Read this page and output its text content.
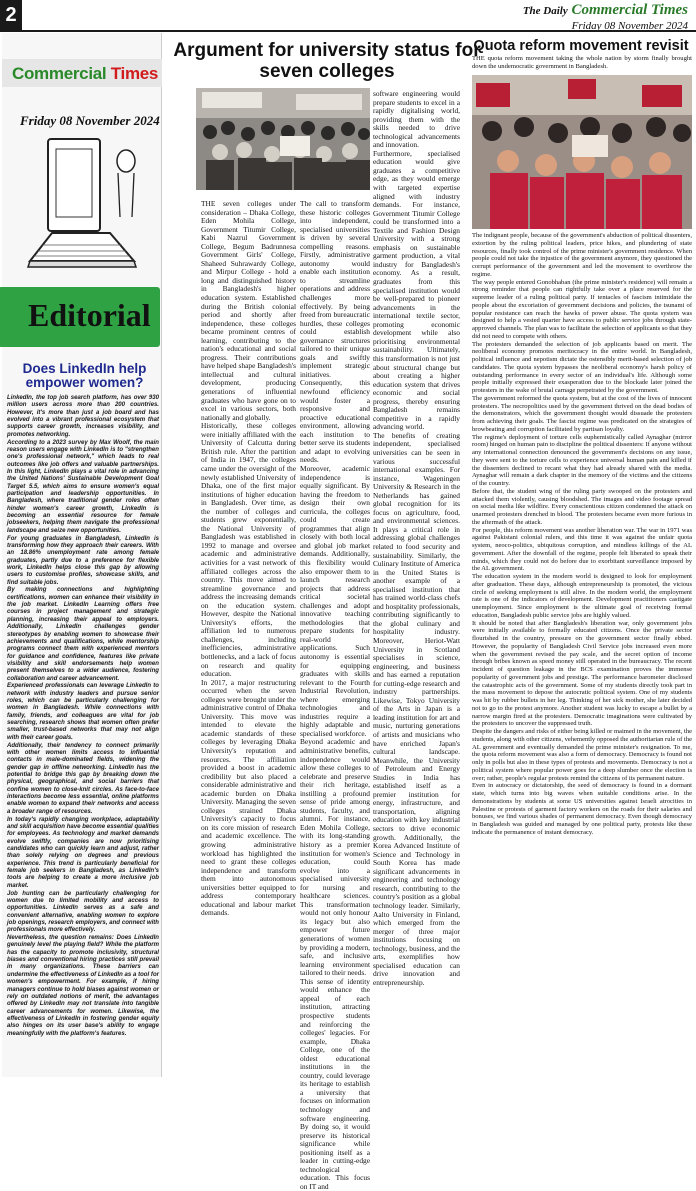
2	The Daily Commercial Times
Friday 08 November 2024
Commercial Times
Friday 08 November 2024
Editorial
Does LinkedIn help empower women?

LinkedIn, the top job search platform, has over 930 million users across more than 200 countries. However, it's more than just a job board and has evolved into a vibrant professional ecosystem that supports career growth, increases visibility, and promotes networking.

According to a 2023 survey by Max Woolf, the main reason users engage with LinkedIn is to "strengthen one's professional network," which leads to real outcomes like job offers and valuable partnerships. In this light, LinkedIn plays a vital role in advancing the United Nations' Sustainable Development Goal Target 5.5, which aims to ensure women's equal participation and leadership opportunities. In Bangladesh, where traditional gender roles often hinder women's career growth, LinkedIn is becoming an essential resource for female jobseekers, helping them navigate the professional landscape and seize new opportunities.

For young graduates in Bangladesh, LinkedIn is transforming how they approach their careers. With an 18.86% unemployment rate among female graduates, partly due to a preference for flexible work, LinkedIn helps close this gap by allowing users to customise profiles, showcase skills, and find suitable jobs.

By making connections and highlighting certifications, women can enhance their visibility in the job market. LinkedIn Learning offers free courses in project management and strategic planning, increasing their appeal to employers. Additionally, LinkedIn challenges gender stereotypes by enabling women to showcase their achievements and qualifications, while mentorship programs connect them with experienced mentors for guidance and confidence, features like private visibility and skill endorsements help women present themselves to a wider audience, fostering collaboration and career advancement.

Experienced professionals can leverage LinkedIn to network with industry leaders and pursue senior roles, which can be particularly challenging for women in Bangladesh. While connections with family, friends, and colleagues are vital for job searching, research shows that women often prefer smaller, trust-based networks that may not align with their career goals.

Additionally, their tendency to connect primarily with other women limits access to influential contacts in male-dominated fields, widening the gender gap in offline networking. LinkedIn has the potential to bridge this gap by breaking down the physical, geographical, and social barriers that confine women to close-knit circles. As face-to-face interactions become less essential, online platforms enable women to expand their networks and access a broader range of resources.

In today's rapidly changing workplace, adaptability and skill acquisition have become essential qualities for employees. As technology and market demands evolve swiftly, companies are now prioritising candidates who can quickly learn and adjust, rather than solely relying on degrees and previous experience. This trend is particularly beneficial for female job seekers in Bangladesh, as LinkedIn's tools are helping to create a more inclusive job market.

Job hunting can be particularly challenging for women due to limited mobility and access to opportunities. LinkedIn serves as a safe and convenient alternative, enabling women to explore job openings, research employers, and connect with professionals more effectively.

Nevertheless, the question remains: Does LinkedIn genuinely level the playing field? While the platform has the capacity to promote inclusivity, structural biases and conventional hiring practices still prevail in many organizations. These barriers can undermine the effectiveness of LinkedIn as a tool for women's empowerment. For example, if hiring managers continue to hold biases against women or rely on outdated notions of merit, the advantages offered by LinkedIn may not translate into tangible career advancements for women. Likewise, the effectiveness of LinkedIn in fostering gender equity also hinges on its user base's ability to engage meaningfully with the platform's features.

Argument for university status for seven colleges

THE seven colleges under consideration – Dhaka College, Eden Mohila College, Government Titumir College, Kabi Nazrul Government College, Begum Badrunnesa Government Girls' College, Shaheed Suhrawardy College, and Mirpur College - hold a long and distinguished history in Bangladesh's higher education system. Established during the British colonial period and shortly after independence, these colleges became prominent centres of learning, contributing to the nation's educational and social progress. Their contributions have helped shape Bangladesh's intellectual and cultural development, producing generations of influential graduates who have gone on to excel in various sectors, both nationally and globally.

Historically, these colleges were initially affiliated with the University of Calcutta during British rule. After the partition of India in 1947, the colleges came under the oversight of the newly established University of Dhaka, one of the first major institutions of higher education in Bangladesh. Over time, as the number of colleges and students grew exponentially, the National University of Bangladesh was established in 1992 to manage and oversee academic and administrative activities for a vast network of affiliated colleges across the country. This move aimed to streamline governance and address the increasing demands on the education system. However, despite the National University's efforts, the affiliation led to numerous challenges, including inefficiencies, administrative bottlenecks, and a lack of focus on research and quality education.

In 2017, a major restructuring occurred when the seven colleges were brought under the administrative control of Dhaka University. This move was intended to elevate the academic standards of these colleges by leveraging Dhaka University's reputation and resources. The affiliation provided a boost in academic credibility but also placed a considerable administrative and academic burden on Dhaka University. Managing the seven colleges strained Dhaka University's capacity to focus on its core mission of research and academic excellence. The growing administrative workload has highlighted the need to grant these colleges independence and transform them into autonomous universities better equipped to address contemporary educational and labour market demands.

The call to transform these historic colleges into independent, specialised universities is driven by several compelling reasons. Firstly, administrative autonomy would enable each institution to streamline operations and address challenges more effectively. By being freed from bureaucratic hurdles, these colleges could establish governance structures tailored to their unique goals and swiftly implement strategic initiatives. Consequently, this newfound efficiency would foster a responsive and proactive educational environment, allowing each institution to better serve its students and adapt to evolving needs.

Moreover, academic independence is equally significant. By having the freedom to design their own curricula, the colleges could create programmes that align closely with both local and global job market demands. Additionally, this flexibility would also empower them to launch research projects that address critical societal challenges and adopt innovative teaching methodologies that prepare students for real-world applications. Such autonomy is essential for equipping graduates with skills relevant to the Fourth Industrial Revolution, where emerging technologies and industries require a highly adaptable and specialised workforce.

Beyond academic and administrative benefits, independence would allow these colleges to celebrate and preserve their rich heritage, instilling a profound sense of pride among students, faculty, and alumni. For instance, Eden Mohila College, with its long-standing history as a premier institution for women's education, could evolve into a specialised university for nursing and healthcare sciences. This transformation would not only honour its legacy but also empower future generations of women by providing a modern, safe, and inclusive learning environment tailored to their needs.

This sense of identity would enhance the appeal of each institution, attracting prospective students and reinforcing the colleges' legacies. For example, Dhaka College, one of the oldest educational institutions in the country, could leverage its heritage to establish a university that focuses on information technology and software engineering. By doing so, it would preserve its historical significance while positioning itself as a leader in cutting-edge technological education. This focus on IT and

software engineering would prepare students to excel in a rapidly digitalising world, providing them with the skills needed to drive technological advancements and innovation.

Furthermore, specialised education would give graduates a competitive edge, as they would emerge with targeted expertise aligned with industry demands. For instance, Government Titumir College could be transformed into a Textile and Fashion Design University with a strong emphasis on sustainable garment production, a vital industry for Bangladesh's economy. As a result, graduates from this specialised institution would be well-prepared to pioneer advancements in the international textile sector, promoting economic development while also prioritising environmental sustainability. Ultimately, this transformation is not just about structural change but about creating a higher education system that drives economic and social progress, thereby ensuring Bangladesh remains competitive in a rapidly advancing world.

The benefits of creating independent, specialised universities can be seen in various successful international examples. For instance, Wageningen University & Research in the Netherlands has gained global recognition for its focus on agriculture, food, and environmental sciences. It plays a critical role in addressing global challenges related to food security and sustainability. Similarly, the Culinary Institute of America in the United States is another example of a specialised institution that has trained world-class chefs and hospitality professionals, contributing significantly to the global culinary and hospitality industry. Moreover, Heriot-Watt University in Scotland specialises in science, engineering, and business and has earned a reputation for cutting-edge research and industry partnerships. Likewise, Tokyo University of the Arts in Japan is a leading institution for art and music, nurturing generations of artists and musicians who have enriched Japan's cultural landscape. Meanwhile, the University of Petroleum and Energy Studies in India has established itself as a premier institution for energy, infrastructure, and transportation, aligning education with key industrial sectors to drive economic growth. Additionally, the Korea Advanced Institute of Science and Technology in South Korea has made significant advancements in engineering and technology research, contributing to the country's position as a global technology leader. Similarly, Aalto University in Finland, which emerged from the merger of three major institutions focusing on technology, business, and the arts, exemplifies how specialised education can drive innovation and entrepreneurship.

Quota reform movement revisit
THE quota reform movement taking the whole nation by storm finally brought down the undemocratic government in Bangladesh.

The indignant people, because of the government's abduction of political dissenters, extortion by the ruling political leaders, price hikes, and plundering of state resources, finally took control of the prime minister's government residence. When people could not take the injustice of the government anymore, they questioned the corrupt performance of the government and led the movement to overthrow the regime.

The way people entered Gonobhaban (the prime minister's residence) will remain a strong reminder that people can rightfully take over a place reserved for the supreme leader of a ruling political party. If tentacles of fascism intimidate the people about the excoriation of government decisions and policies, the tsunami of popular resistance can reach the hawks of power abuse. The quota system was designed to help a vested quarter have access to public service jobs through state-approved channels. The plan was to facilitate the selection of applicants so that they did not need to compete with others.

The protesters demanded the selection of job applicants based on merit. The neoliberal economy promotes meritocracy in the entire world. In Bangladesh, political influence and nepotism dictate the ostensibly merit-based selection of job candidates. The quota system bypasses the neoliberal economy's harsh policy of outstanding performance in every sector of an individual's life. Although some people initially expressed their exasperation due to the blockade later joined the protesters in the wake of brutal carnage perpetrated by the government.

The government reformed the quota system, but at the cost of the lives of innocent protesters. The necropolitics used by the government thrived on the dead bodies of the demonstrators, which the government thought would dissuade the protesters from achieving their goals. The fascist regime was predicated on the strategies of browbeating and corruption facilitated by partisan loyalty.

The regime's deployment of torture cells euphemistically called Aynaghar (mirror room) hinged on human pain to discipline the political dissenters: If anyone without any international connection denounced the government's decisions on any issue, they were sent to the torture cells to experience universal human pain and killed if the dissenters declined to recant what they had already shared with the media. Aynaghar will remain a dark chapter in the memory of the victims and the citizens of the country.

Before that, the student wing of the ruling party swooped on the protesters and attacked them violently, causing bloodshed. The images and video footage spread on social media like wildfire. Every conscientious citizen condemned the attack on unarmed protesters drenched in blood. The protesters became even more furious in the aftermath of the attack.

For people, this reform movement was another liberation war. The war in 1971 was against Pakistani colonial rulers, and this time it was against the unfair quota system, neoco-politics, ubiquitous corruption, and mindless killings of the AL government. After the downfall of the regime, people felt liberated to speak their minds, which they could not do before due to exorbitant surveillance imposed by the AL government.

The education system in the modern world is designed to look for employment after graduation. These days, although entrepreneurship is promoted, the vicious circle of seeking employment is still alive. In the modern world, the employment rate is one of the indicators of development. Development practitioners castigate unemployment. Since employment is the ultimate goal of receiving formal education, Bangladesh public service jobs are highly valued.

It should be noted that after Bangladesh's liberation war, only government jobs were initially available to formally educated citizens. Once the private sector flourished in the country, pressure on the government sector finally ebbed. However, the popularity of Bangladesh Civil Service jobs increased even more when the government revised the pay scale, and the secret option of income through bribes known as speed money still operated in the bureaucracy. The recent incident of question leakage in the BCS examination proves the immense popularity of government jobs and prestige. The performance barometer disclosed the catastrophic acts of the government. Some of my students directly took part in the mass movement to depose the autocratic political system. One of my students was hit by rubber bullets in her leg. Thinking of her sick mother, she later decided not to go to the protest anymore. Another student was lucky to escape a bullet by a narrow margin fired at the protesters. Democratic imaginations were cultivated by the protesters to uncover the suppressed truth.

Despite the dangers and risks of either being killed or maimed in the movement, the students, along with other citizens, vehemently opposed the authoritarian rule of the AL government and eventually demanded the prime minister's resignation. To me, the quota reform movement was also a form of democracy. Democracy is found not only in polls but also in these types of protests and movements. Democracy is not a political system where popular power goes for a deep slumber once the election is over; rather, people's regular protests remind the citizens of its permanent nature.

Even in autocracy or dictatorship, the seed of democracy is found in a dormant state, which turns into big waves when suitable conditions arise. In the demonstrations by students at some US universities against Israeli atrocities in Palestine or protests of garment factory workers on the roads for their salaries and bonuses, we find various shades of permanent democracy. Even though democracy in Bangladesh was guided and managed by one political party, protests like these indicate the permanence of instant democracy.
